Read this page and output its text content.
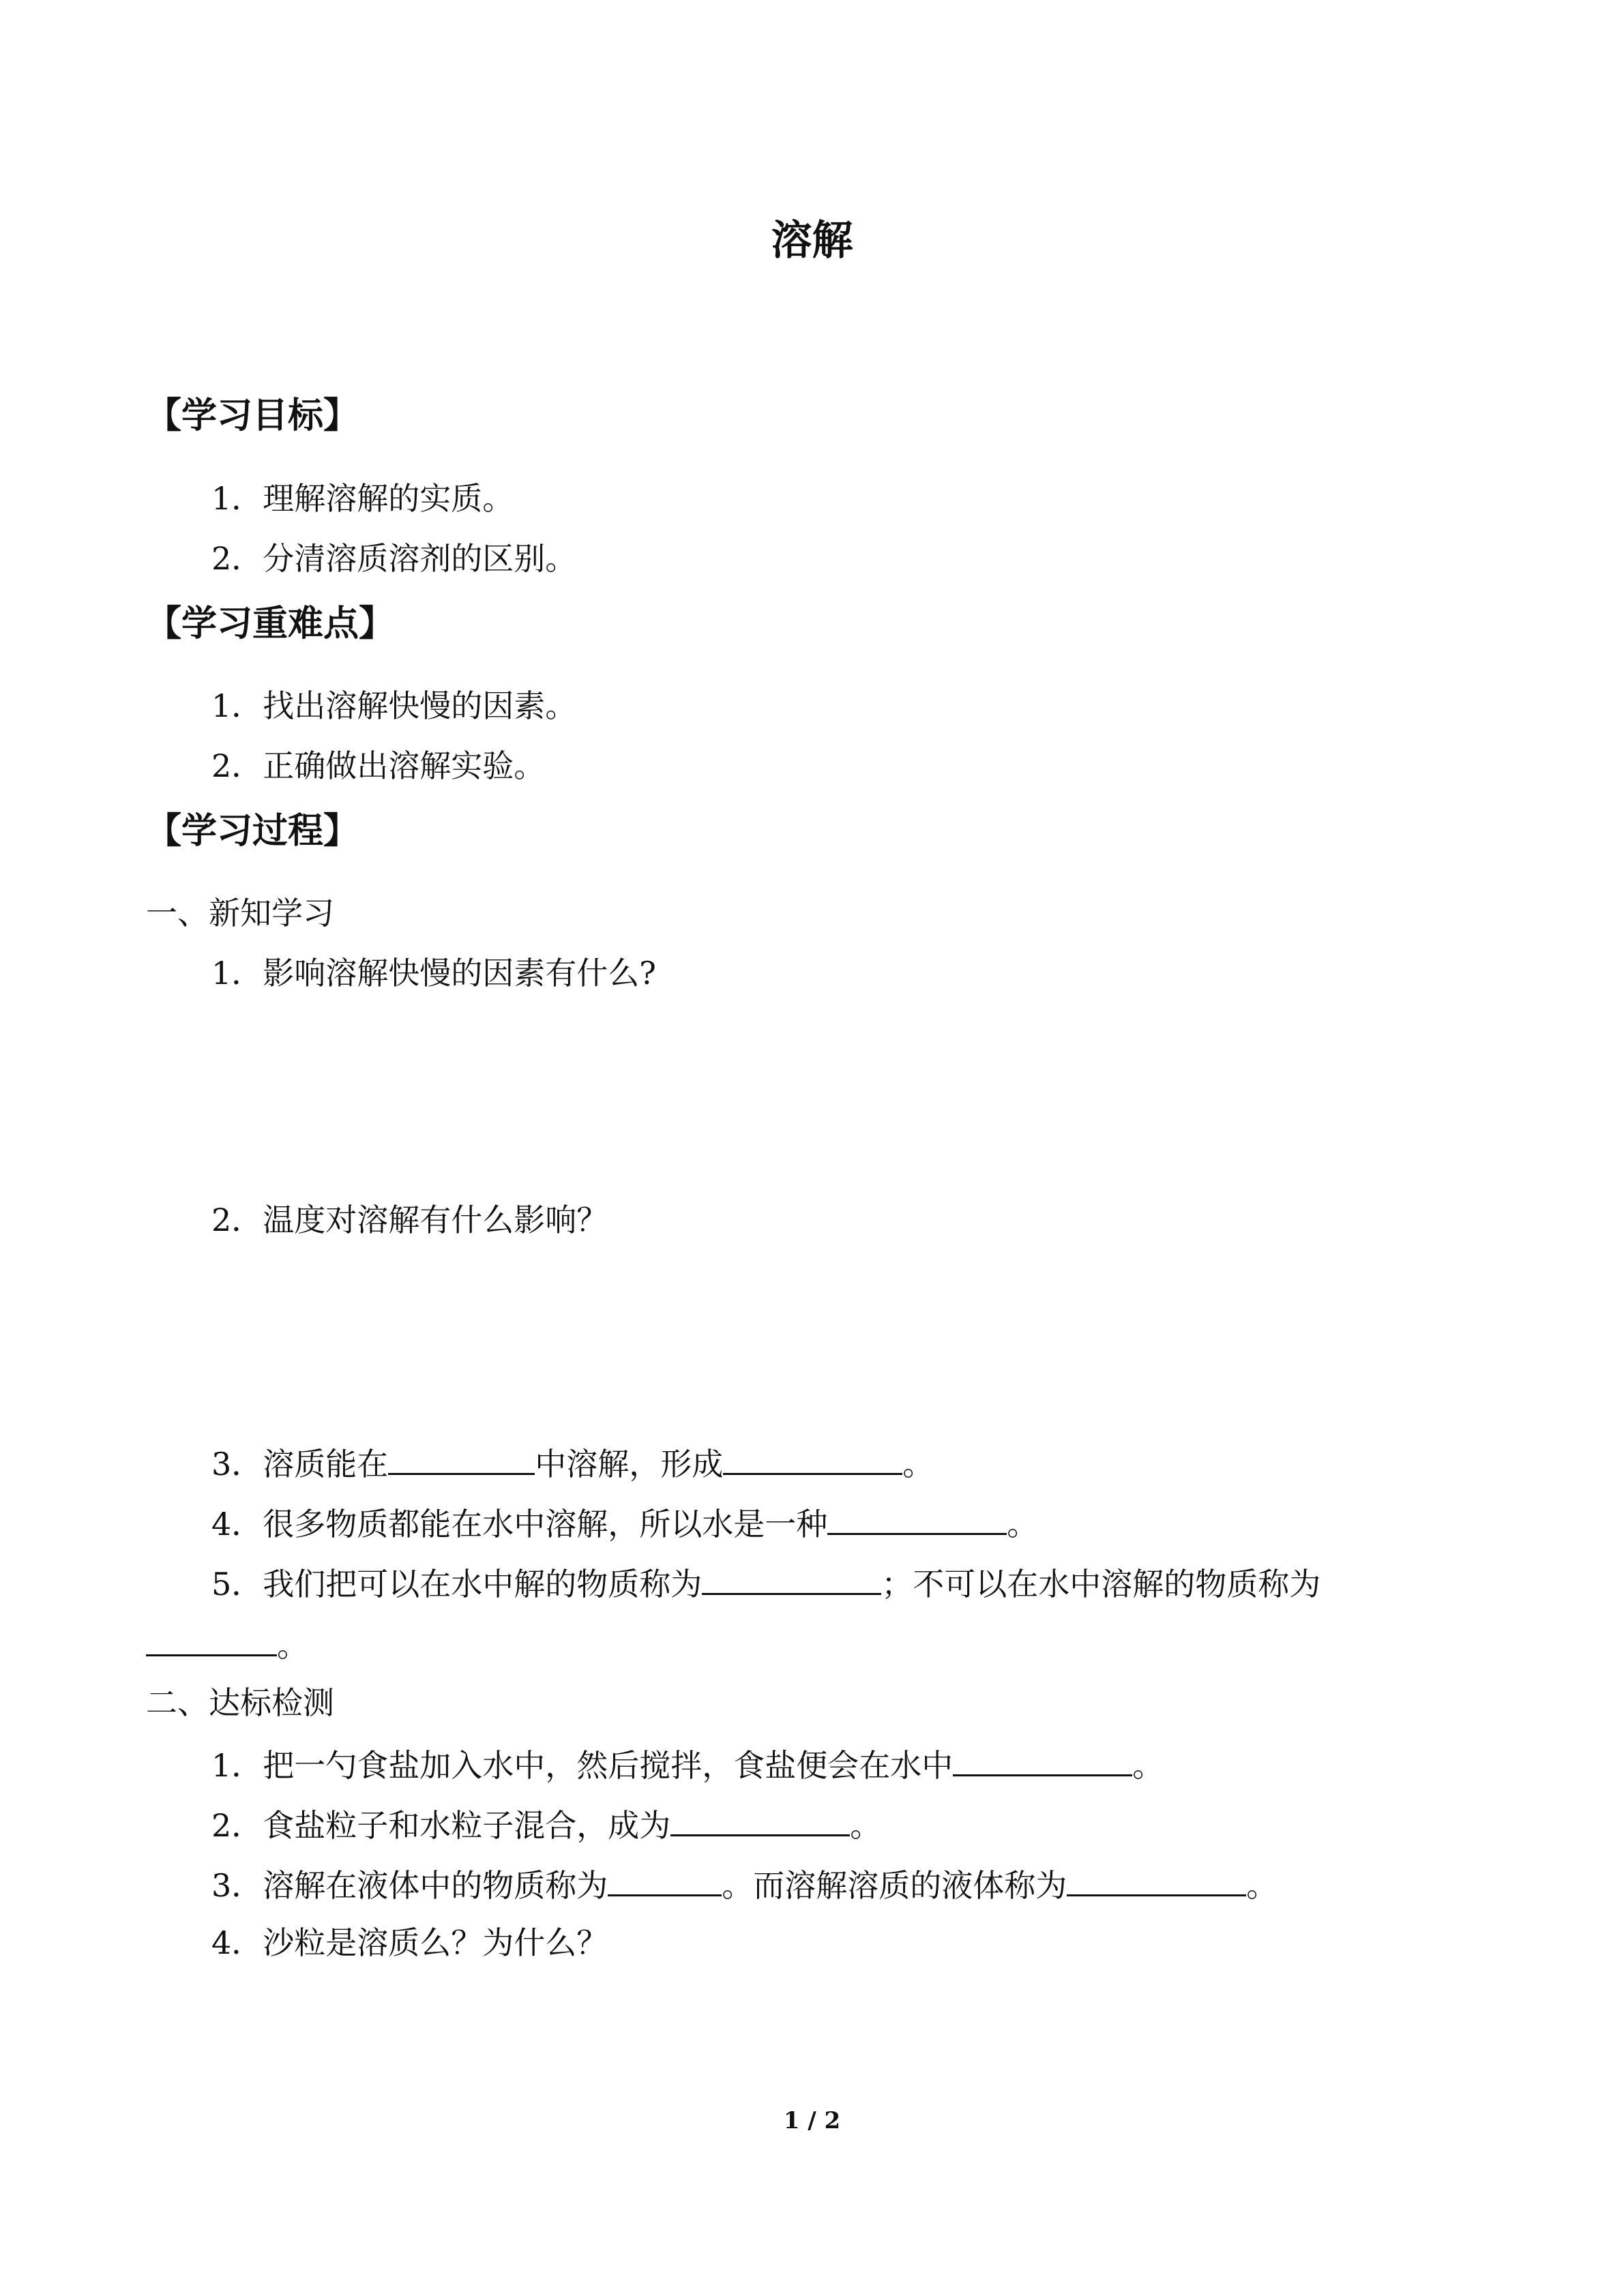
溶解
【学习目标】
1．理解溶解的实质。
2．分清溶质溶剂的区别。
【学习重难点】
1．找出溶解快慢的因素。
2．正确做出溶解实验。
【学习过程】
一、新知学习
1．影响溶解快慢的因素有什么?
2．温度对溶解有什么影响？
3．溶质能在	中溶解，形成	。
4．很多物质都能在水中溶解，所以水是一种	。
5．我们把可以在水中解的物质称为	；不可以在水中溶解的物质称为
。
二、达标检测
1．把一勺食盐加入水中，然后搅拌，食盐便会在水中	。
2．食盐粒子和水粒子混合，成为	。
3．溶解在液体中的物质称为	。而溶解溶质的液体称为	。
4．沙粒是溶质么？为什么？
1 / 2
